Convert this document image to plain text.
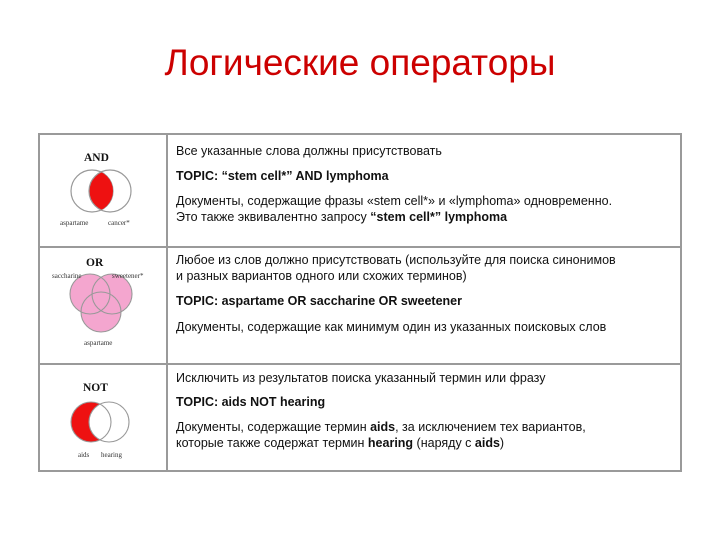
Логические операторы
AND
aspartame	cancer*
Все указанные слова должны присутствовать
TOPIC: “stem cell*” AND lymphoma
Документы, содержащие фразы «stem cell*» и «lymphoma» одновременно.
Это также эквивалентно запросу “stem cell*” lymphoma
OR
saccharine	sweetener*
aspartame
Любое из слов должно присутствовать (используйте для поиска синонимов
и разных вариантов одного или схожих терминов)
TOPIC: aspartame OR saccharine OR sweetener
Документы, содержащие как минимум один из указанных поисковых слов
NOT
aids hearing
Исключить из результатов поиска указанный термин или фразу
TOPIC: aids NOT hearing
Документы, содержащие термин aids, за исключением тех вариантов,
которые также содержат термин hearing (наряду с aids)
